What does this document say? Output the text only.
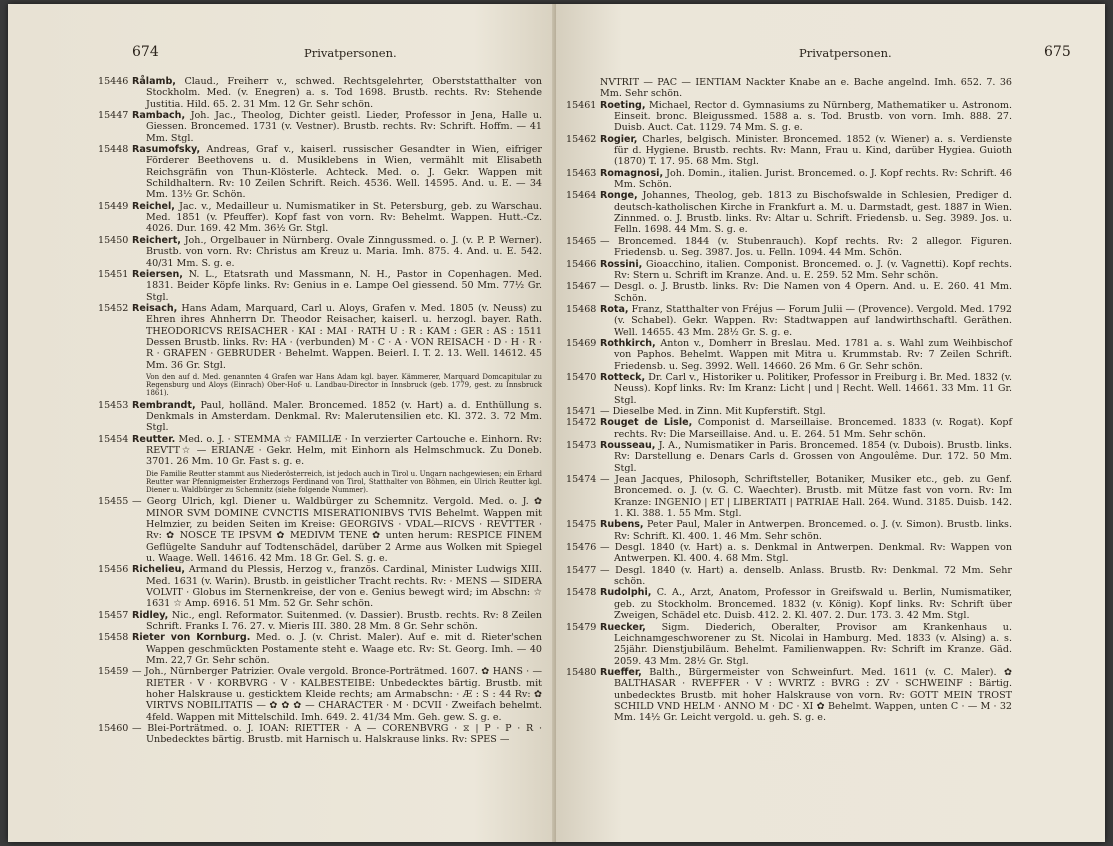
674	Privatpersonen.

15446 Rålamb, Claud., Freiherr v., schwed. Rechtsgelehrter, Oberststatthalter von Stockholm. Med. (v. Enegren) a. s. Tod 1698. Brustb. rechts. Rv: Stehende Justitia. Hild. 65. 2. 31 Mm. 12 Gr. Sehr schön.

15447 Rambach, Joh. Jac., Theolog, Dichter geistl. Lieder, Professor in Jena, Halle u. Giessen. Broncemed. 1731 (v. Vestner). Brustb. rechts. Rv: Schrift. Hoffm. — 41 Mm. Stgl.

15448 Rasumofsky, Andreas, Graf v., kaiserl. russischer Gesandter in Wien, eifriger Förderer Beethovens u. d. Musiklebens in Wien, vermählt mit Elisabeth Reichsgräfin von Thun-Klösterle. Achteck. Med. o. J. Gekr. Wappen mit Schildhaltern. Rv: 10 Zeilen Schrift. Reich. 4536. Well. 14595. And. u. E. — 34 Mm. 13½ Gr. Schön.

15449 Reichel, Jac. v., Medailleur u. Numismatiker in St. Petersburg, geb. zu Warschau. Med. 1851 (v. Pfeuffer). Kopf fast von vorn. Rv: Behelmt. Wappen. Hutt.-Cz. 4026. Dur. 169. 42 Mm. 36½ Gr. Stgl.

15450 Reichert, Joh., Orgelbauer in Nürnberg. Ovale Zinngussmed. o. J. (v. P. P. Werner). Brustb. von vorn. Rv: Christus am Kreuz u. Maria. Imh. 875. 4. And. u. E. 542. 40/31 Mm. S. g. e.

15451 Reiersen, N. L., Etatsrath und Massmann, N. H., Pastor in Copenhagen. Med. 1831. Beider Köpfe links. Rv: Genius in e. Lampe Oel giessend. 50 Mm. 77½ Gr. Stgl.

15452 Reisach, Hans Adam, Marquard, Carl u. Aloys, Grafen v. Med. 1805 (v. Neuss) zu Ehren ihres Ahnherrn Dr. Theodor Reisacher, kaiserl. u. herzogl. bayer. Rath. THEODORICVS REISACHER · KAI : MAI · RATH U : R : KAM : GER : AS : 1511 Dessen Brustb. links. Rv: HA · (verbunden) M · C · A · VON REISACH · D · H · R · R · GRAFEN · GEBRUDER · Behelmt. Wappen. Beierl. I. T. 2. 13. Well. 14612. 45 Mm. 36 Gr. Stgl.

Von den auf d. Med. genannten 4 Grafen war Hans Adam kgl. bayer. Kämmerer, Marquard Domcapitular zu Regensburg und Aloys (Einrach) Ober-Hof- u. Landbau-Director in Innsbruck (geb. 1779, gest. zu Innsbruck 1861).

15453 Rembrandt, Paul, holländ. Maler. Broncemed. 1852 (v. Hart) a. d. Enthüllung s. Denkmals in Amsterdam. Denkmal. Rv: Malerutensilien etc. Kl. 372. 3. 72 Mm. Stgl.

15454 Reutter. Med. o. J. · STEMMA ☆ FAMILIÆ · In verzierter Cartouche e. Einhorn. Rv: REVTT☆ — ERIANÆ · Gekr. Helm, mit Einhorn als Helmschmuck. Zu Doneb. 3701. 26 Mm. 10 Gr. Fast s. g. e.

Die Familie Reutter stammt aus Niederösterreich, ist jedoch auch in Tirol u. Ungarn nachgewiesen; ein Erhard Reutter war Pfennigmeister Erzherzogs Ferdinand von Tirol, Statthalter von Böhmen, ein Ulrich Reutter kgl. Diener u. Waldbürger zu Schemnitz (siehe folgende Nummer).

15455 — Georg Ulrich, kgl. Diener u. Waldbürger zu Schemnitz. Vergold. Med. o. J. ✿ MINOR SVM DOMINE CVNCTIS MISERATIONIBVS TVIS Behelmt. Wappen mit Helmzier, zu beiden Seiten im Kreise: GEORGIVS · VDAL—RICVS · REVTTER · Rv: ✿ NOSCE TE IPSVM ✿ MEDIVM TENE ✿ unten herum: RESPICE FINEM Geflügelte Sanduhr auf Todtenschädel, darüber 2 Arme aus Wolken mit Spiegel u. Waage. Well. 14616. 42 Mm. 18 Gr. Gel. S. g. e.

15456 Richelieu, Armand du Plessis, Herzog v., französ. Cardinal, Minister Ludwigs XIII. Med. 1631 (v. Warin). Brustb. in geistlicher Tracht rechts. Rv: · MENS — SIDERA VOLVIT · Globus im Sternenkreise, der von e. Genius bewegt wird; im Abschn: ☆ 1631 ☆ Amp. 6916. 51 Mm. 52 Gr. Sehr schön.

15457 Ridley, Nic., engl. Reformator. Suitenmed. (v. Dassier). Brustb. rechts. Rv: 8 Zeilen Schrift. Franks I. 76. 27. v. Mieris III. 380. 28 Mm. 8 Gr. Sehr schön.

15458 Rieter von Kornburg. Med. o. J. (v. Christ. Maler). Auf e. mit d. Rieter'schen Wappen geschmückten Postamente steht e. Waage etc. Rv: St. Georg. Imh. — 40 Mm. 22,7 Gr. Sehr schön.

15459 — Joh., Nürnberger Patrizier. Ovale vergold. Bronce-Porträtmed. 1607. ✿ HANS · — RIETER · V · KORBVRG · V · KALBESTEIBE: Unbedecktes bärtig. Brustb. mit hoher Halskrause u. gesticktem Kleide rechts; am Armabschn: · Æ : S : 44 Rv: ✿ VIRTVS NOBILITATIS — ✿ ✿ ✿ — CHARACTER · M · DCVII · Zweifach behelmt. 4feld. Wappen mit Mittelschild. Imh. 649. 2. 41/34 Mm. Geh. gew. S. g. e.

15460 — Blei-Porträtmed. o. J. IOAN: RIETTER · A — CORENBVRG · ⧖ | P · P · R · Unbedecktes bärtig. Brustb. mit Harnisch u. Halskrause links. Rv: SPES —

Privatpersonen.	675

NVTRIT — PAC — IENTIAM Nackter Knabe an e. Bache angelnd. Imh. 652. 7. 36 Mm. Sehr schön.

15461 Roeting, Michael, Rector d. Gymnasiums zu Nürnberg, Mathematiker u. Astronom. Einseit. bronc. Bleigussmed. 1588 a. s. Tod. Brustb. von vorn. Imh. 888. 27. Duisb. Auct. Cat. 1129. 74 Mm. S. g. e.

15462 Rogier, Charles, belgisch. Minister. Broncemed. 1852 (v. Wiener) a. s. Verdienste für d. Hygiene. Brustb. rechts. Rv: Mann, Frau u. Kind, darüber Hygiea. Guioth (1870) T. 17. 95. 68 Mm. Stgl.

15463 Romagnosi, Joh. Domin., italien. Jurist. Broncemed. o. J. Kopf rechts. Rv: Schrift. 46 Mm. Schön.

15464 Ronge, Johannes, Theolog, geb. 1813 zu Bischofswalde in Schlesien, Prediger d. deutsch-katholischen Kirche in Frankfurt a. M. u. Darmstadt, gest. 1887 in Wien. Zinnmed. o. J. Brustb. links. Rv: Altar u. Schrift. Friedensb. u. Seg. 3989. Jos. u. Felln. 1698. 44 Mm. S. g. e.

15465 — Broncemed. 1844 (v. Stubenrauch). Kopf rechts. Rv: 2 allegor. Figuren. Friedensb. u. Seg. 3987. Jos. u. Felln. 1094. 44 Mm. Schön.

15466 Rossini, Gioacchino, italien. Componist. Broncemed. o. J. (v. Vagnetti). Kopf rechts. Rv: Stern u. Schrift im Kranze. And. u. E. 259. 52 Mm. Sehr schön.

15467 — Desgl. o. J. Brustb. links. Rv: Die Namen von 4 Opern. And. u. E. 260. 41 Mm. Schön.

15468 Rota, Franz, Statthalter von Fréjus — Forum Julii — (Provence). Vergold. Med. 1792 (v. Schabel). Gekr. Wappen. Rv: Stadtwappen auf landwirthschaftl. Geräthen. Well. 14655. 43 Mm. 28½ Gr. S. g. e.

15469 Rothkirch, Anton v., Domherr in Breslau. Med. 1781 a. s. Wahl zum Weihbischof von Paphos. Behelmt. Wappen mit Mitra u. Krummstab. Rv: 7 Zeilen Schrift. Friedensb. u. Seg. 3992. Well. 14660. 26 Mm. 6 Gr. Sehr schön.

15470 Rotteck, Dr. Carl v., Historiker u. Politiker, Professor in Freiburg i. Br. Med. 1832 (v. Neuss). Kopf links. Rv: Im Kranz: Licht | und | Recht. Well. 14661. 33 Mm. 11 Gr. Stgl.

15471 — Dieselbe Med. in Zinn. Mit Kupferstift. Stgl.

15472 Rouget de Lisle, Componist d. Marseillaise. Broncemed. 1833 (v. Rogat). Kopf rechts. Rv: Die Marseillaise. And. u. E. 264. 51 Mm. Sehr schön.

15473 Rousseau, J. A., Numismatiker in Paris. Broncemed. 1854 (v. Dubois). Brustb. links. Rv: Darstellung e. Denars Carls d. Grossen von Angoulême. Dur. 172. 50 Mm. Stgl.

15474 — Jean Jacques, Philosoph, Schriftsteller, Botaniker, Musiker etc., geb. zu Genf. Broncemed. o. J. (v. G. C. Waechter). Brustb. mit Mütze fast von vorn. Rv: Im Kranze: INGENIO | ET | LIBERTATI | PATRIAE Hall. 264. Wund. 3185. Duisb. 142. 1. Kl. 388. 1. 55 Mm. Stgl.

15475 Rubens, Peter Paul, Maler in Antwerpen. Broncemed. o. J. (v. Simon). Brustb. links. Rv: Schrift. Kl. 400. 1. 46 Mm. Sehr schön.

15476 — Desgl. 1840 (v. Hart) a. s. Denkmal in Antwerpen. Denkmal. Rv: Wappen von Antwerpen. Kl. 400. 4. 68 Mm. Stgl.

15477 — Desgl. 1840 (v. Hart) a. denselb. Anlass. Brustb. Rv: Denkmal. 72 Mm. Sehr schön.

15478 Rudolphi, C. A., Arzt, Anatom, Professor in Greifswald u. Berlin, Numismatiker, geb. zu Stockholm. Broncemed. 1832 (v. König). Kopf links. Rv: Schrift über Zweigen, Schädel etc. Duisb. 412. 2. Kl. 407. 2. Dur. 173. 3. 42 Mm. Stgl.

15479 Ruecker, Sigm. Diederich, Oberalter, Provisor am Krankenhaus u. Leichnamgeschworener zu St. Nicolai in Hamburg. Med. 1833 (v. Alsing) a. s. 25jähr. Dienstjubiläum. Behelmt. Familienwappen. Rv: Schrift im Kranze. Gäd. 2059. 43 Mm. 28½ Gr. Stgl.

15480 Rueffer, Balth., Bürgermeister von Schweinfurt. Med. 1611 (v. C. Maler). ✿ BALTHASAR · RVEFFER · V : WVRTZ : BVRG : ZV · SCHWEINF : Bärtig. unbedecktes Brustb. mit hoher Halskrause von vorn. Rv: GOTT MEIN TROST SCHILD VND HELM · ANNO M · DC · XI ✿ Behelmt. Wappen, unten C · — M · 32 Mm. 14½ Gr. Leicht vergold. u. geh. S. g. e.
